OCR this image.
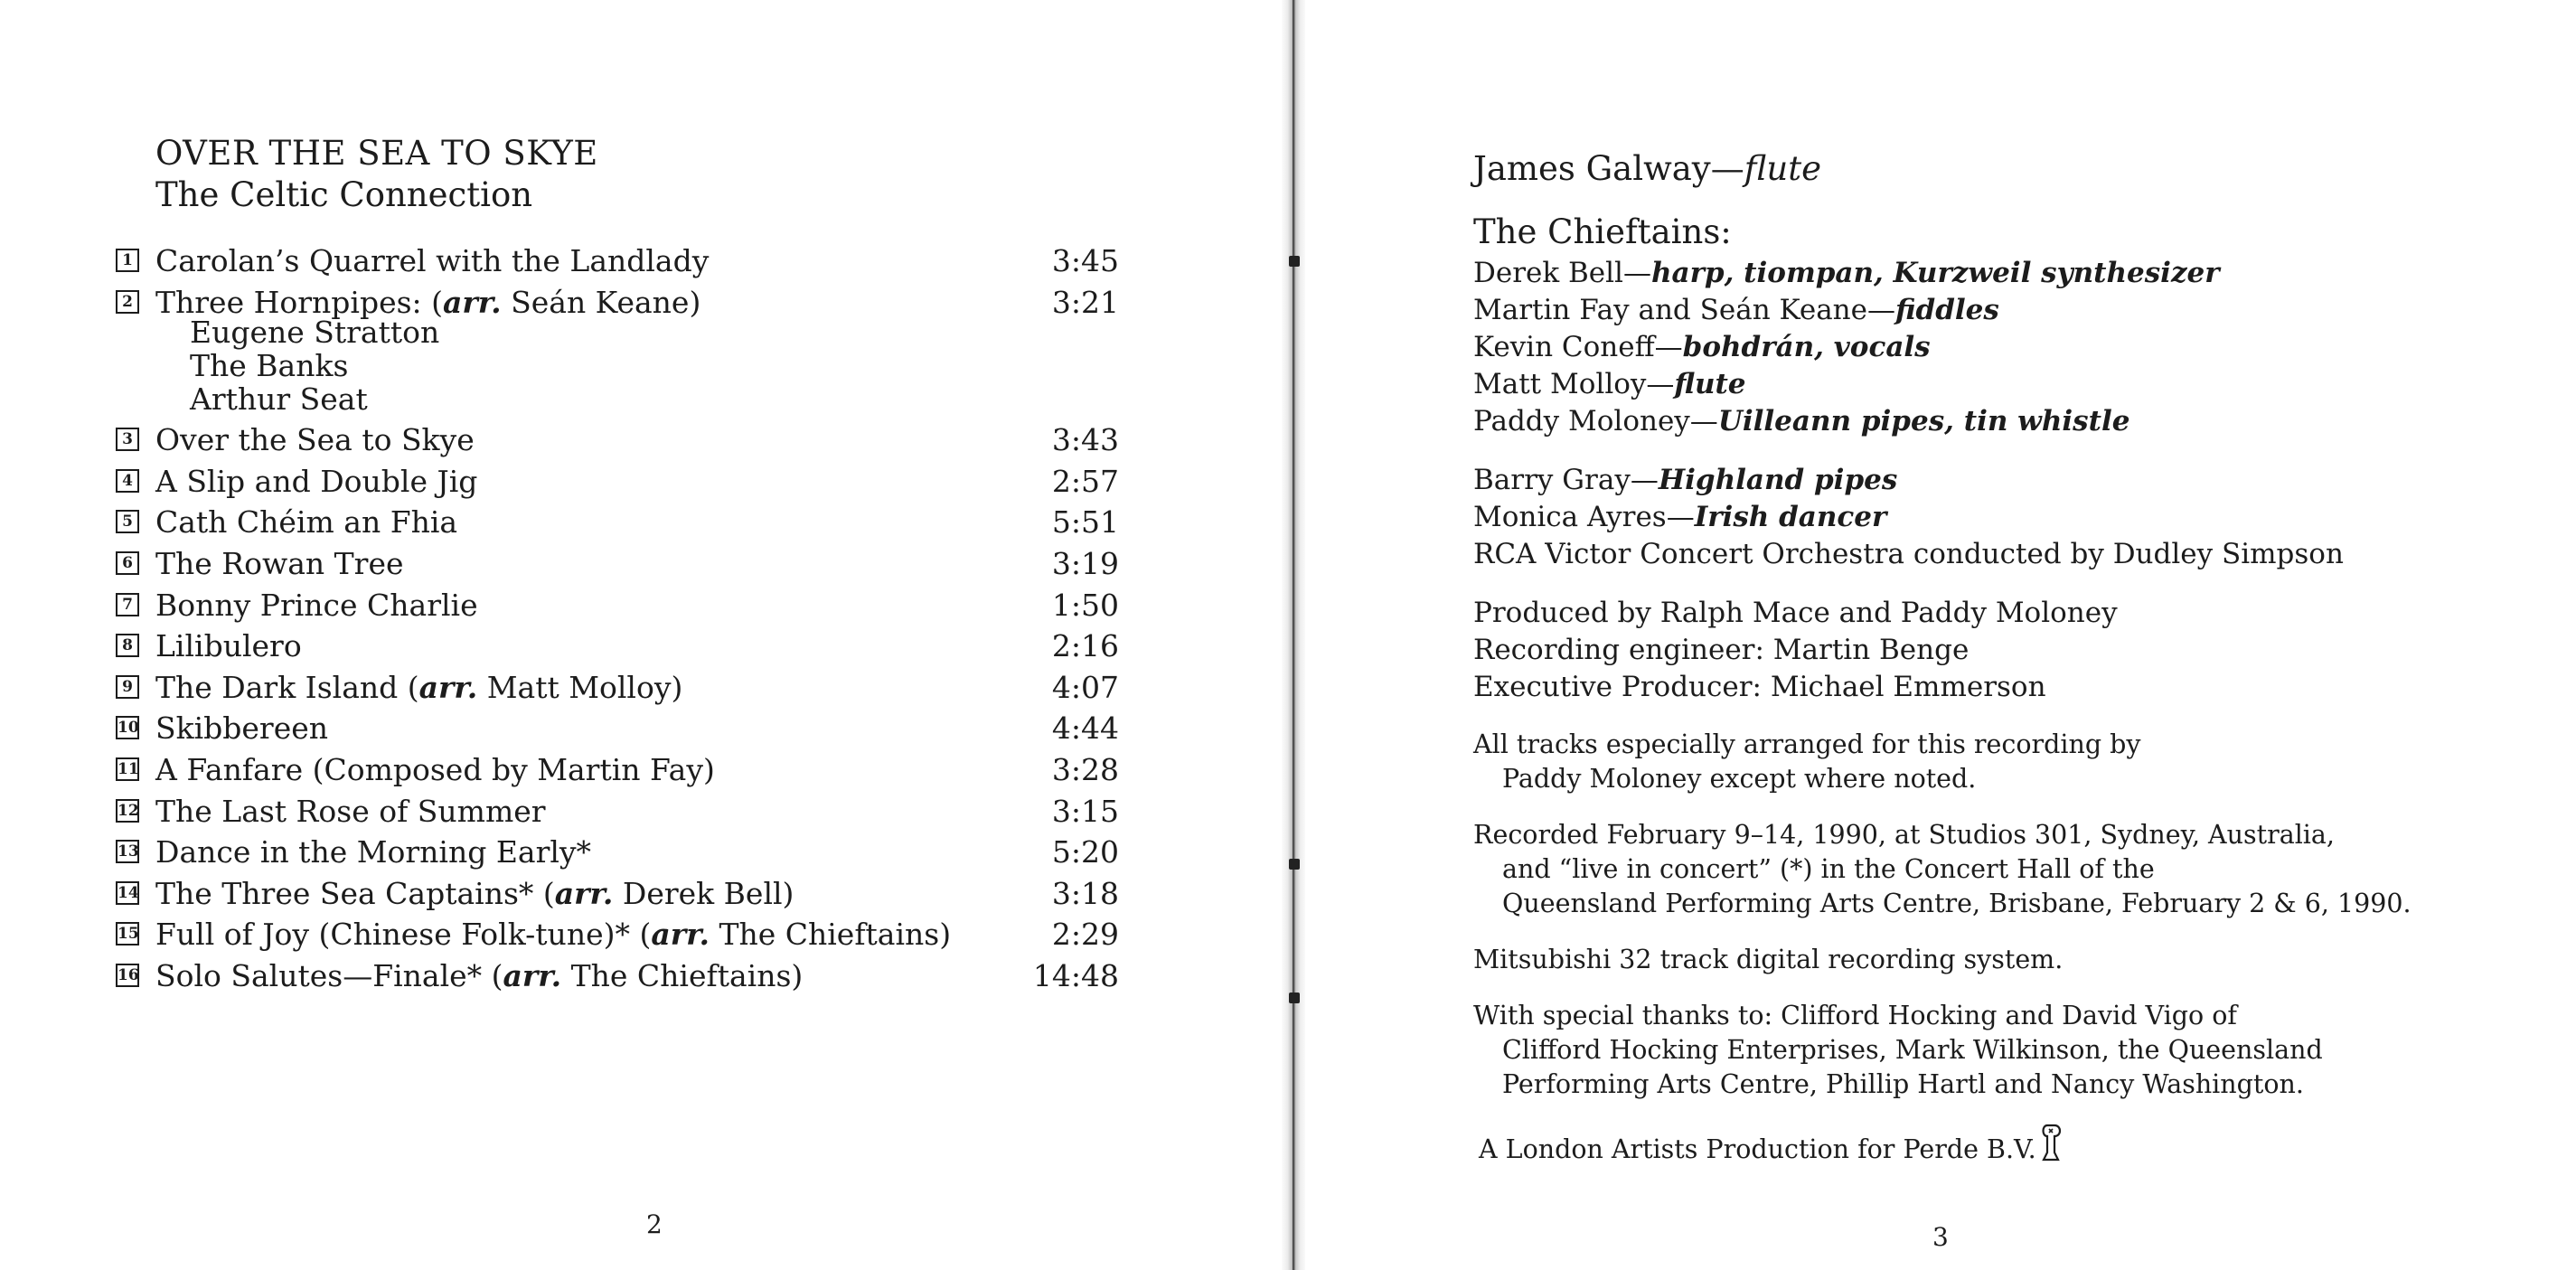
OVER THE SEA TO SKYE
The Celtic Connection
1 Carolan’s Quarrel with the Landlady	3:45
2 Three Hornpipes: (arr. Seán Keane)	3:21
Eugene Stratton
The Banks
Arthur Seat
3 Over the Sea to Skye	3:43
4 A Slip and Double Jig	2:57
5 Cath Chéim an Fhia	5:51
6 The Rowan Tree	3:19
7 Bonny Prince Charlie	1:50
8 Lilibulero	2:16
9 The Dark Island (arr. Matt Molloy)	4:07
10 Skibbereen	4:44
11 A Fanfare (Composed by Martin Fay)	3:28
12 The Last Rose of Summer	3:15
13 Dance in the Morning Early*	5:20
14 The Three Sea Captains* (arr. Derek Bell)	3:18
15 Full of Joy (Chinese Folk-tune)* (arr. The Chieftains)	2:29
16 Solo Salutes—Finale* (arr. The Chieftains)	14:48
2
James Galway—flute
The Chieftains:
Derek Bell—harp, tiompan, Kurzweil synthesizer
Martin Fay and Seán Keane—fiddles
Kevin Coneff—bohdrán, vocals
Matt Molloy—flute
Paddy Moloney—Uilleann pipes, tin whistle
Barry Gray—Highland pipes
Monica Ayres—Irish dancer
RCA Victor Concert Orchestra conducted by Dudley Simpson
Produced by Ralph Mace and Paddy Moloney
Recording engineer: Martin Benge
Executive Producer: Michael Emmerson
All tracks especially arranged for this recording by
Paddy Moloney except where noted.
Recorded February 9–14, 1990, at Studios 301, Sydney, Australia,
and “live in concert” (*) in the Concert Hall of the
Queensland Performing Arts Centre, Brisbane, February 2 & 6, 1990.
Mitsubishi 32 track digital recording system.
With special thanks to: Clifford Hocking and David Vigo of
Clifford Hocking Enterprises, Mark Wilkinson, the Queensland
Performing Arts Centre, Phillip Hartl and Nancy Washington.
A London Artists Production for Perde B.V.
3
